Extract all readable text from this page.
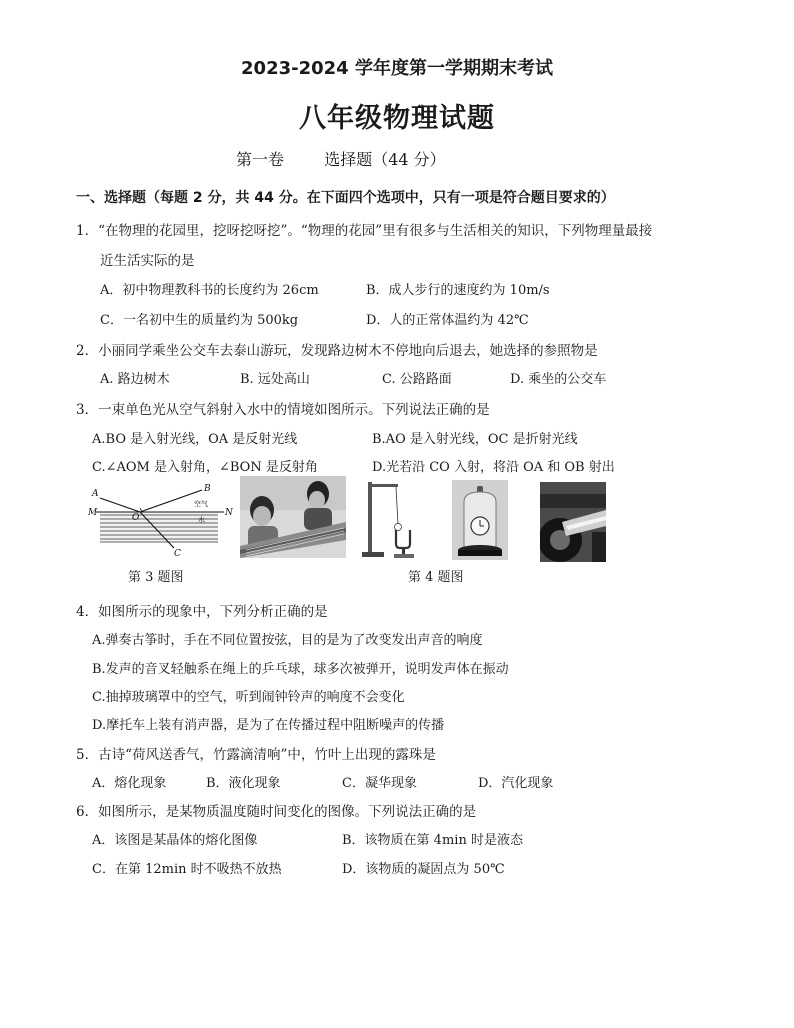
2023-2024 学年度第一学期期末考试
八年级物理试题
第一卷	选择题（44 分）
一、选择题（每题 2 分，共 44 分。在下面四个选项中，只有一项是符合题目要求的）
1．“在物理的花园里，挖呀挖呀挖”。“物理的花园”里有很多与生活相关的知识，下列物理量最接
近生活实际的是
A．初中物理教科书的长度约为 26cm	B．成人步行的速度约为 10m/s
C．一名初中生的质量约为 500kg	D．人的正常体温约为 42℃
2．小丽同学乘坐公交车去泰山游玩，发现路边树木不停地向后退去，她选择的参照物是
A. 路边树木	B. 远处高山	C. 公路路面	D. 乘坐的公交车
3．一束单色光从空气斜射入水中的情境如图所示。下列说法正确的是
A.BO 是入射光线，OA 是反射光线	B.AO 是入射光线，OC 是折射光线
C.∠AOM 是入射角，∠BON 是反射角	D.光若沿 CO 入射，将沿 OA 和 OB 射出
A	B
M	N
O
C
空气
水
第 3 题图	第 4 题图
4．如图所示的现象中，下列分析正确的是
A.弹奏古筝时，手在不同位置按弦，目的是为了改变发出声音的响度
B.发声的音叉轻触系在绳上的乒乓球，球多次被弹开，说明发声体在振动
C.抽掉玻璃罩中的空气，听到闹钟铃声的响度不会变化
D.摩托车上装有消声器，是为了在传播过程中阻断噪声的传播
5．古诗“荷风送香气，竹露滴清响”中，竹叶上出现的露珠是
A．熔化现象	B．液化现象	C．凝华现象	D．汽化现象
6．如图所示，是某物质温度随时间变化的图像。下列说法正确的是
A．该图是某晶体的熔化图像	B．该物质在第 4min 时是液态
C．在第 12min 时不吸热不放热	D．该物质的凝固点为 50℃
